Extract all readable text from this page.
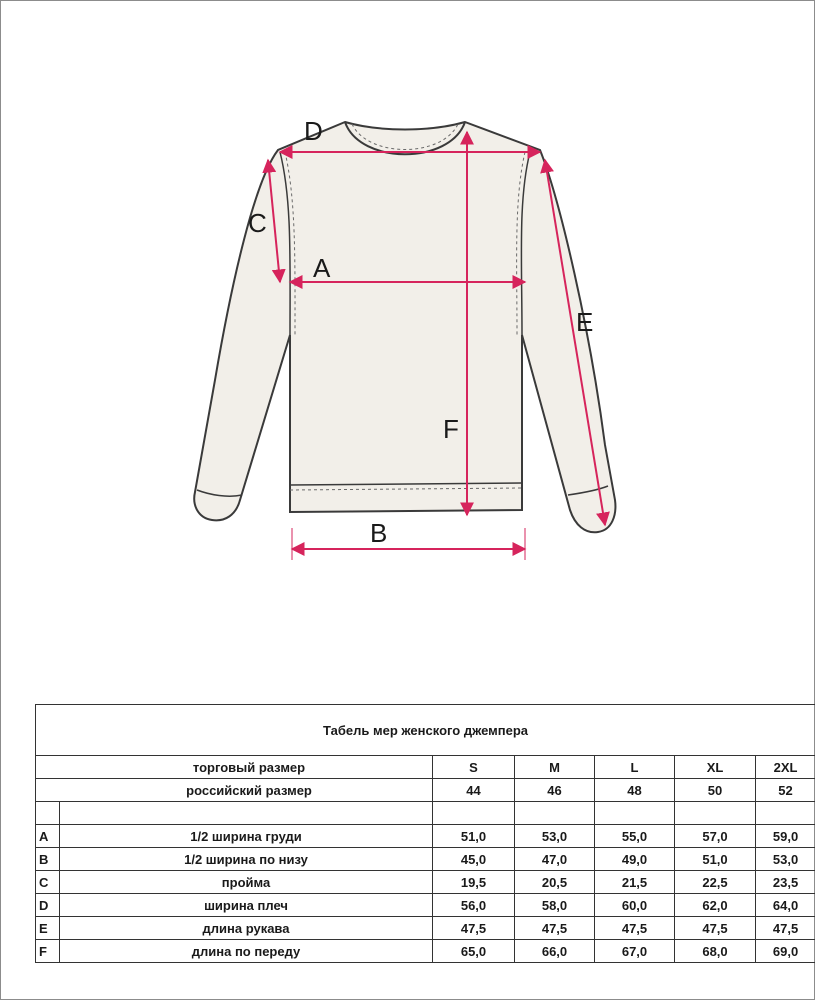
D
C
A
E
F
B
Табель мер женского джемпера						
торговый размер		S	M	L	XL	2XL
российский размер		44	46	48	50	52

A	1/2 ширина груди	51,0	53,0	55,0	57,0	59,0
B	1/2 ширина по низу	45,0	47,0	49,0	51,0	53,0
C	пройма	19,5	20,5	21,5	22,5	23,5
D	ширина плеч	56,0	58,0	60,0	62,0	64,0
E	длина рукава	47,5	47,5	47,5	47,5	47,5
F	длина по переду	65,0	66,0	67,0	68,0	69,0
